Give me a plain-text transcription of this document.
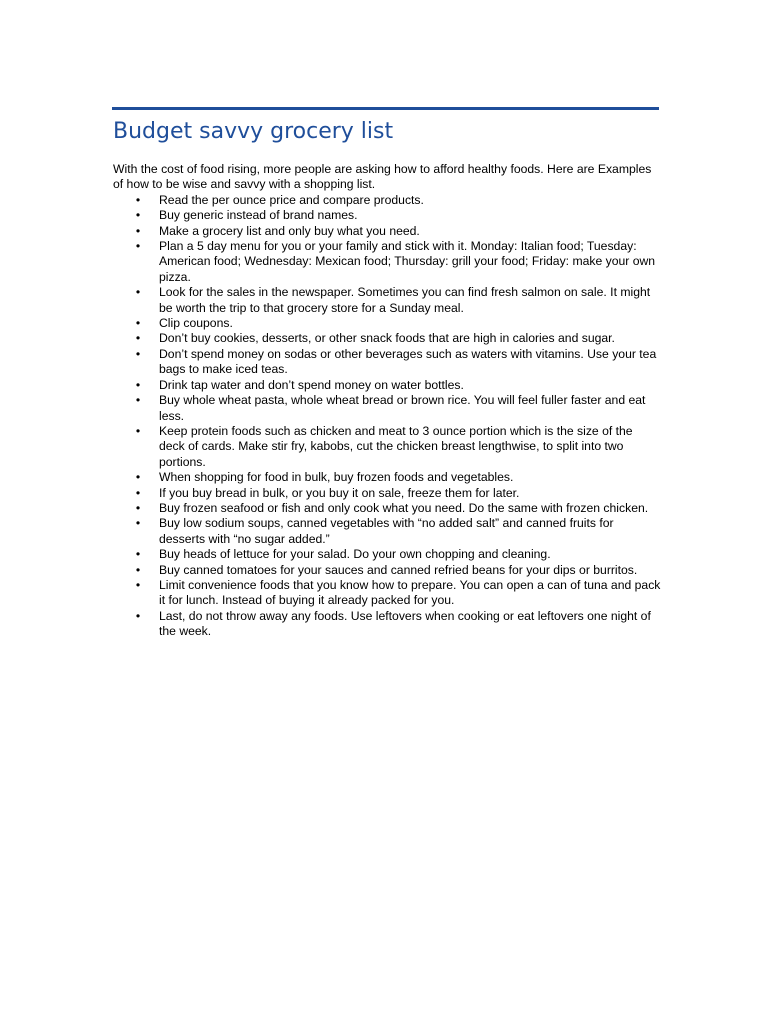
Budget savvy grocery list

With the cost of food rising, more people are asking how to afford healthy foods. Here are Examples of how to be wise and savvy with a shopping list.

• Read the per ounce price and compare products.
• Buy generic instead of brand names.
• Make a grocery list and only buy what you need.
• Plan a 5 day menu for you or your family and stick with it. Monday: Italian food; Tuesday: American food; Wednesday: Mexican food; Thursday: grill your food; Friday: make your own pizza.
• Look for the sales in the newspaper. Sometimes you can find fresh salmon on sale. It might be worth the trip to that grocery store for a Sunday meal.
• Clip coupons.
• Don’t buy cookies, desserts, or other snack foods that are high in calories and sugar.
• Don’t spend money on sodas or other beverages such as waters with vitamins. Use your tea bags to make iced teas.
• Drink tap water and don’t spend money on water bottles.
• Buy whole wheat pasta, whole wheat bread or brown rice. You will feel fuller faster and eat less.
• Keep protein foods such as chicken and meat to 3 ounce portion which is the size of the deck of cards. Make stir fry, kabobs, cut the chicken breast lengthwise, to split into two portions.
• When shopping for food in bulk, buy frozen foods and vegetables.
• If you buy bread in bulk, or you buy it on sale, freeze them for later.
• Buy frozen seafood or fish and only cook what you need. Do the same with frozen chicken.
• Buy low sodium soups, canned vegetables with “no added salt” and canned fruits for desserts with “no sugar added.”
• Buy heads of lettuce for your salad. Do your own chopping and cleaning.
• Buy canned tomatoes for your sauces and canned refried beans for your dips or burritos.
• Limit convenience foods that you know how to prepare. You can open a can of tuna and pack it for lunch. Instead of buying it already packed for you.
• Last, do not throw away any foods. Use leftovers when cooking or eat leftovers one night of the week.
